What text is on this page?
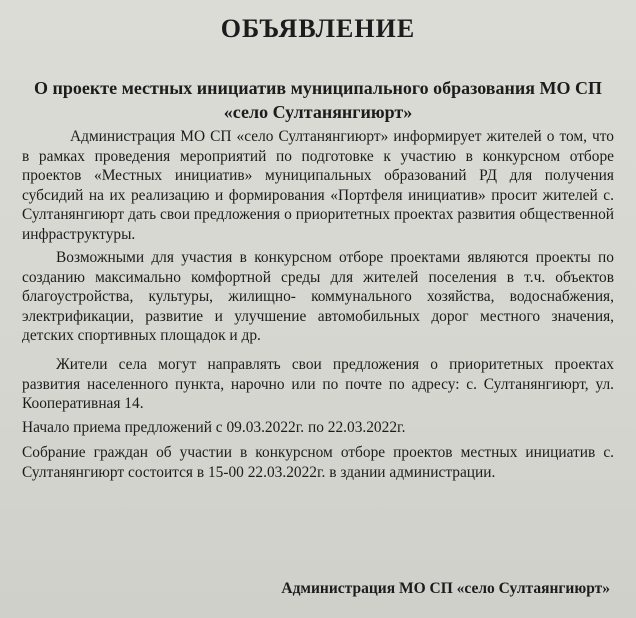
ОБЪЯВЛЕНИЕ
О проекте местных инициатив муниципального образования МО СП «село Султанянгиюрт»
Администрация МО СП «село Султанянгиюрт» информирует жителей о том, что в рамках проведения мероприятий по подготовке к участию в конкурсном отборе проектов «Местных инициатив» муниципальных образований РД для получения субсидий на их реализацию и формирования «Портфеля инициатив» просит жителей с. Султанянгиюрт дать свои предложения о приоритетных проектах развития общественной инфраструктуры.
Возможными для участия в конкурсном отборе проектами являются проекты по созданию максимально комфортной среды для жителей поселения в т.ч. объектов благоустройства, культуры, жилищно- коммунального хозяйства, водоснабжения, электрификации, развитие и улучшение автомобильных дорог местного значения, детских спортивных площадок и др.
Жители села могут направлять свои предложения о приоритетных проектах развития населенного пункта, нарочно или по почте по адресу: с. Султанянгиюрт, ул. Кооперативная 14.
Начало приема предложений с 09.03.2022г. по 22.03.2022г.
Собрание граждан об участии в конкурсном отборе проектов местных инициатив с. Султанянгиюрт состоится в 15-00 22.03.2022г. в здании администрации.
Администрация МО СП «село Султаянгиюрт»
